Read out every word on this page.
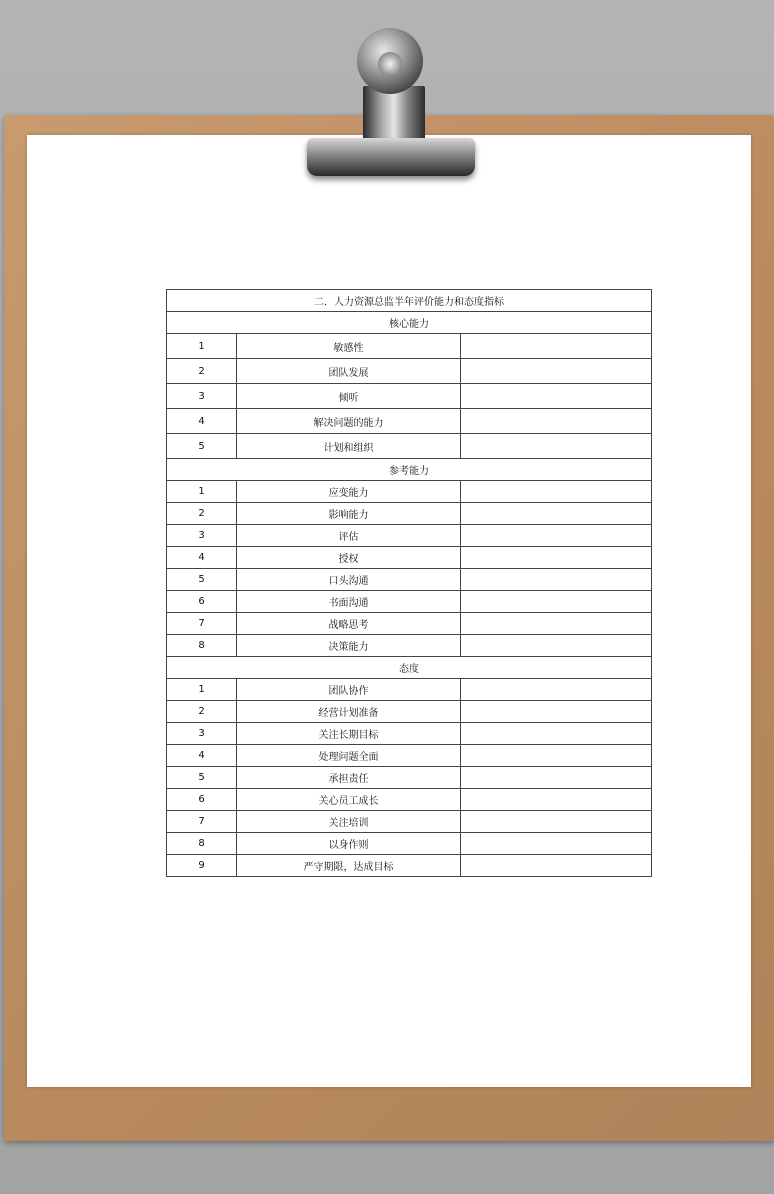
二．人力资源总监半年评价能力和态度指标		
核心能力		
1	敏感性	
2	团队发展	
3	倾听	
4	解决问题的能力	
5	计划和组织	
参考能力		
1	应变能力	
2	影响能力	
3	评估	
4	授权	
5	口头沟通	
6	书面沟通	
7	战略思考	
8	决策能力	
态度		
1	团队协作	
2	经营计划准备	
3	关注长期目标	
4	处理问题全面	
5	承担责任	
6	关心员工成长	
7	关注培训	
8	以身作则	
9	严守期限，达成目标	
